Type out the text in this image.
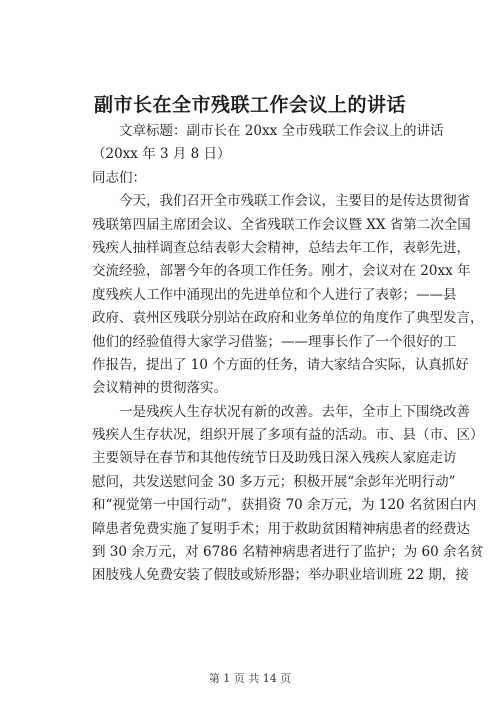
副市长在全市残联工作会议上的讲话
文章标题：副市长在 20xx 全市残联工作会议上的讲话
（20xx 年 3 月 8 日）
同志们：
今天，我们召开全市残联工作会议，主要目的是传达贯彻省
残联第四届主席团会议、全省残联工作会议暨 XX 省第二次全国
残疾人抽样调查总结表彰大会精神，总结去年工作，表彰先进，
交流经验，部署今年的各项工作任务。刚才，会议对在 20xx 年
度残疾人工作中涌现出的先进单位和个人进行了表彰；——县
政府、袁州区残联分别站在政府和业务单位的角度作了典型发言，
他们的经验值得大家学习借鉴；——理事长作了一个很好的工
作报告，提出了 10 个方面的任务，请大家结合实际，认真抓好
会议精神的贯彻落实。
一是残疾人生存状况有新的改善。去年，全市上下围绕改善
残疾人生存状况，组织开展了多项有益的活动。市、县（市、区）
主要领导在春节和其他传统节日及助残日深入残疾人家庭走访
慰问，共发送慰问金 30 多万元；积极开展“余彭年光明行动”
和“视觉第一中国行动”，获捐资 70 余万元，为 120 名贫困白内
障患者免费实施了复明手术；用于救助贫困精神病患者的经费达
到 30 余万元，对 6786 名精神病患者进行了监护；为 60 余名贫
困肢残人免费安装了假肢或矫形器；举办职业培训班 22 期，接
第 1 页 共 14 页
